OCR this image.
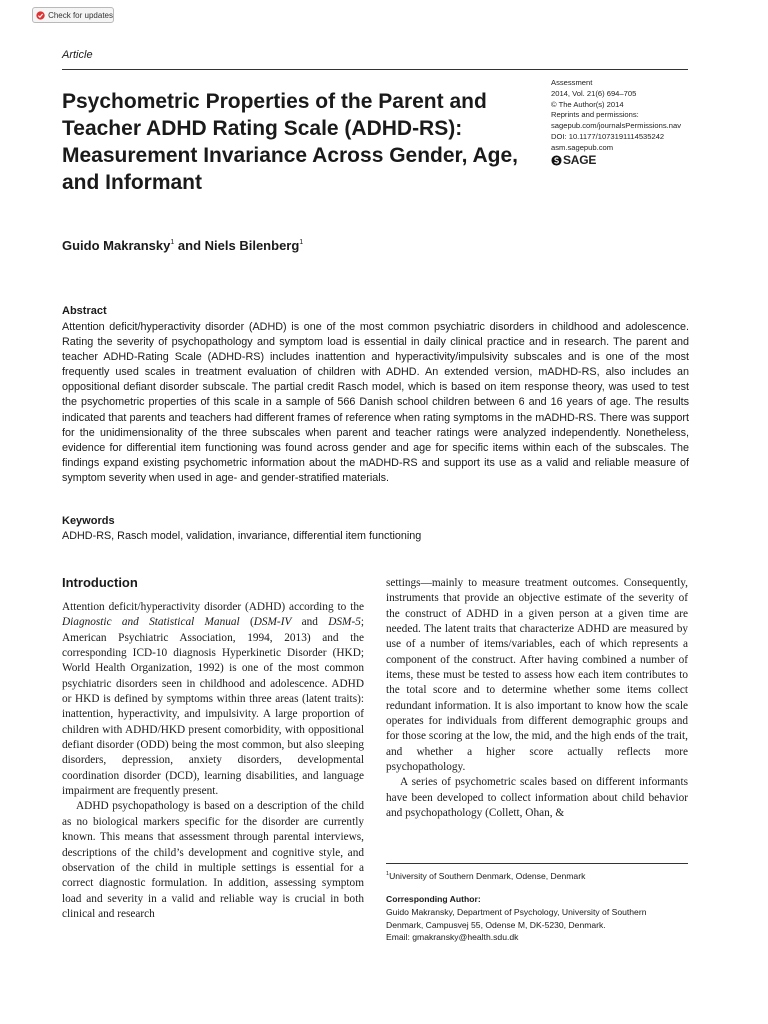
Check for updates
Article
Psychometric Properties of the Parent and Teacher ADHD Rating Scale (ADHD-RS): Measurement Invariance Across Gender, Age, and Informant
Assessment
2014, Vol. 21(6) 694–705
© The Author(s) 2014
Reprints and permissions:
sagepub.com/journalsPermissions.nav
DOI: 10.1177/1073191114535242
asm.sagepub.com
SAGE
Guido Makransky$^1$ and Niels Bilenberg$^1$
Abstract

Attention deficit/hyperactivity disorder (ADHD) is one of the most common psychiatric disorders in childhood and adolescence. Rating the severity of psychopathology and symptom load is essential in daily clinical practice and in research. The parent and teacher ADHD-Rating Scale (ADHD-RS) includes inattention and hyperactivity/impulsivity subscales and is one of the most frequently used scales in treatment evaluation of children with ADHD. An extended version, mADHD-RS, also includes an oppositional defiant disorder subscale. The partial credit Rasch model, which is based on item response theory, was used to test the psychometric properties of this scale in a sample of 566 Danish school children between 6 and 16 years of age. The results indicated that parents and teachers had different frames of reference when rating symptoms in the mADHD-RS. There was support for the unidimensionality of the three subscales when parent and teacher ratings were analyzed independently. Nonetheless, evidence for differential item functioning was found across gender and age for specific items within each of the subscales. The findings expand existing psychometric information about the mADHD-RS and support its use as a valid and reliable measure of symptom severity when used in age- and gender-stratified materials.

Keywords
ADHD-RS, Rasch model, validation, invariance, differential item functioning
Introduction

Attention deficit/hyperactivity disorder (ADHD) according to the Diagnostic and Statistical Manual (DSM-IV and DSM-5; American Psychiatric Association, 1994, 2013) and the corresponding ICD-10 diagnosis Hyperkinetic Disorder (HKD; World Health Organization, 1992) is one of the most common psychiatric disorders seen in childhood and adolescence. ADHD or HKD is defined by symptoms within three areas (latent traits): inattention, hyperactivity, and impulsivity. A large proportion of children with ADHD/HKD present comorbidity, with oppositional defiant disorder (ODD) being the most common, but also sleeping disorders, depression, anxiety disorders, developmental coordination disorder (DCD), learning disabilities, and language impairment are frequently present.

ADHD psychopathology is based on a description of the child as no biological markers specific for the disorder are currently known. This means that assessment through parental interviews, descriptions of the child’s development and cognitive style, and observation of the child in multiple settings is essential for a correct diagnostic formulation. In addition, assessing symptom load and severity in a valid and reliable way is crucial in both clinical and research

settings—mainly to measure treatment outcomes. Consequently, instruments that provide an objective estimate of the severity of the construct of ADHD in a given person at a given time are needed. The latent traits that characterize ADHD are measured by use of a number of items/variables, each of which represents a component of the construct. After having combined a number of items, these must be tested to assess how each item contributes to the total score and to determine whether some items collect redundant information. It is also important to know how the scale operates for individuals from different demographic groups and for those scoring at the low, the mid, and the high ends of the trait, and whether a higher score actually reflects more psychopathology.

A series of psychometric scales based on different informants have been developed to collect information about child behavior and psychopathology (Collett, Ohan, &

$^1$University of Southern Denmark, Odense, Denmark
Corresponding Author:
Guido Makransky, Department of Psychology, University of Southern
Denmark, Campusvej 55, Odense M, DK-5230, Denmark.
Email: gmakransky@health.sdu.dk
